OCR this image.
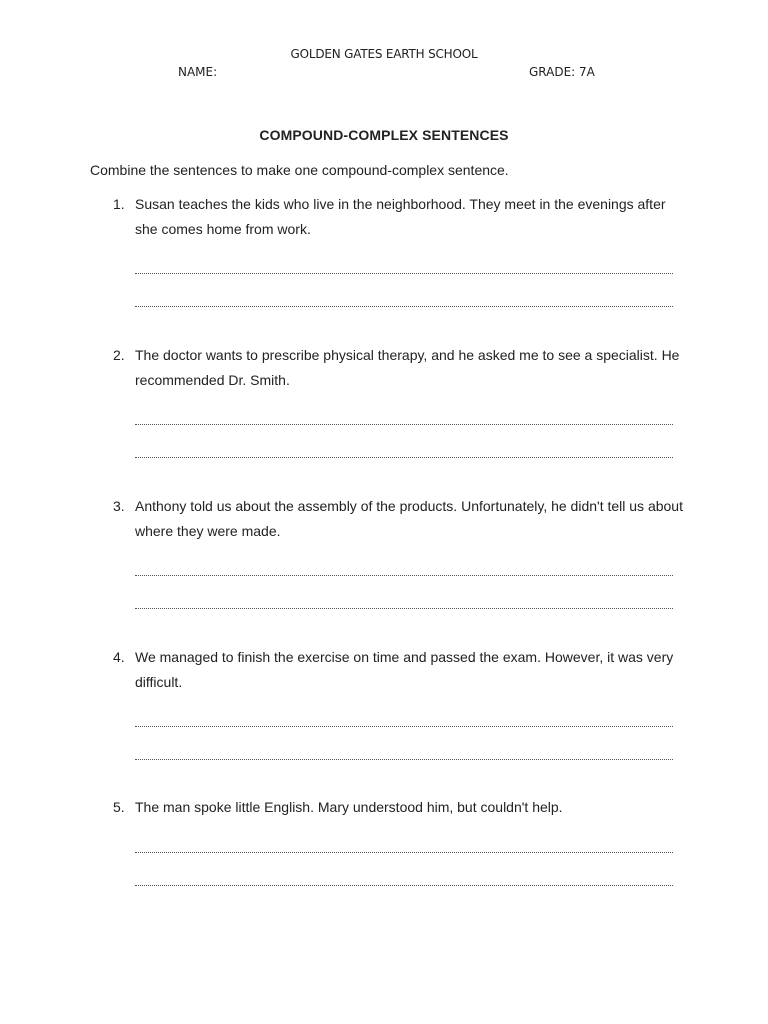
GOLDEN GATES EARTH SCHOOL
NAME:	GRADE: 7A
COMPOUND-COMPLEX SENTENCES
Combine the sentences to make one compound-complex sentence.
1. Susan teaches the kids who live in the neighborhood. They meet in the evenings after she comes home from work.
2. The doctor wants to prescribe physical therapy, and he asked me to see a specialist. He recommended Dr. Smith.
3. Anthony told us about the assembly of the products. Unfortunately, he didn't tell us about where they were made.
4. We managed to finish the exercise on time and passed the exam. However, it was very difficult.
5. The man spoke little English. Mary understood him, but couldn't help.
